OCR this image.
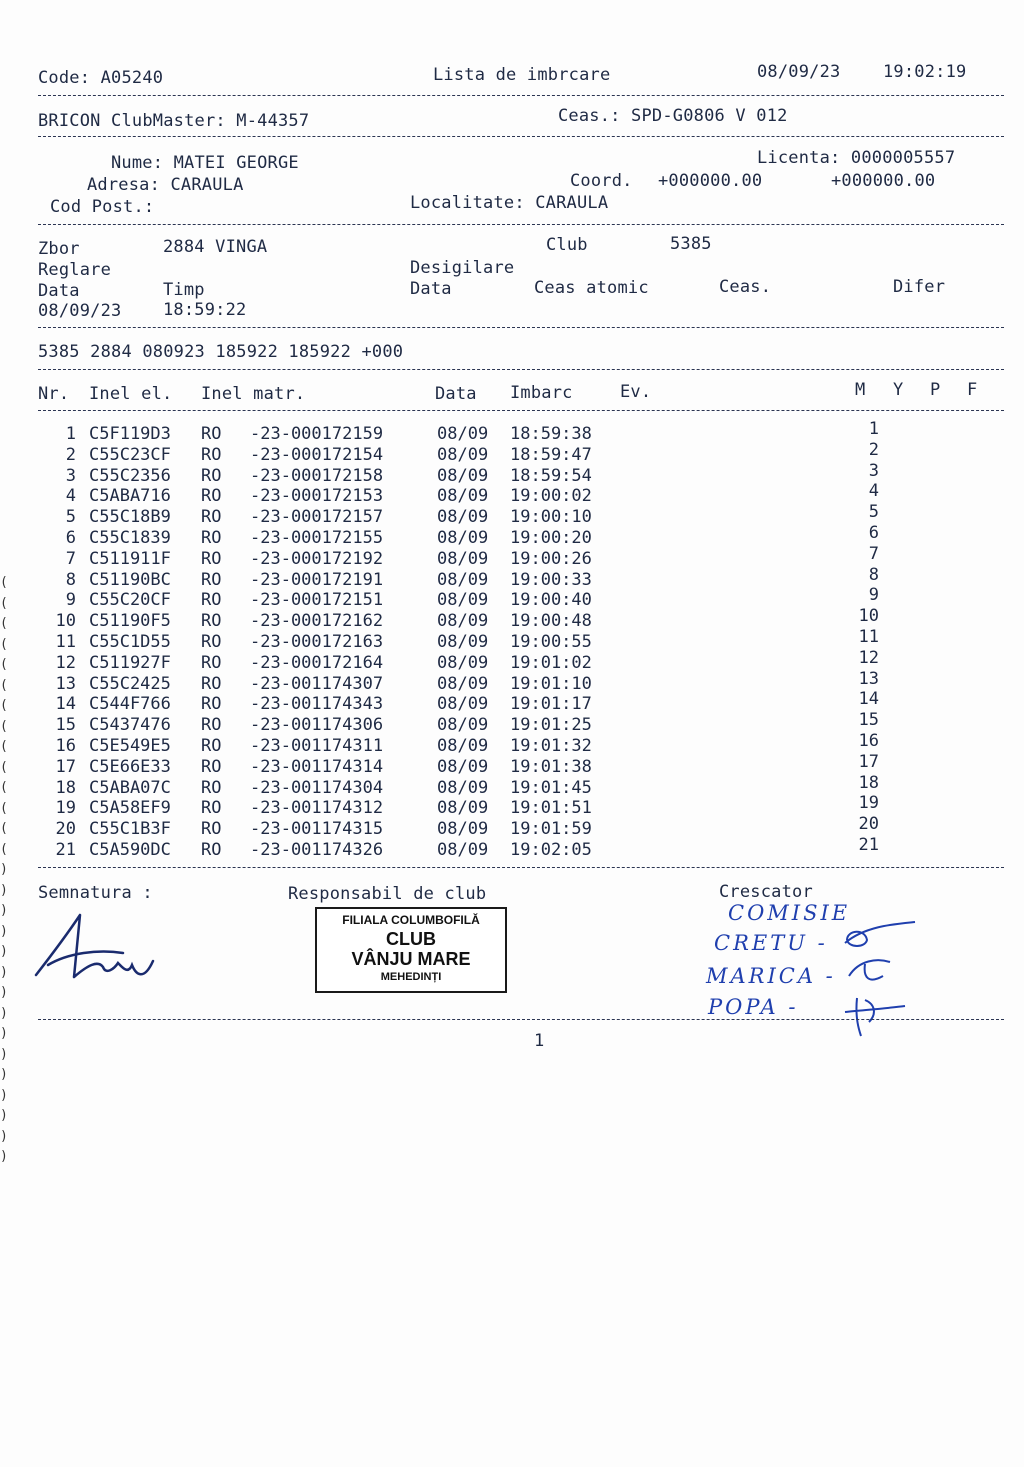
Code: A05240	Lista de imbrcare	08/09/23	19:02:19
BRICON ClubMaster: M-44357	Ceas.: SPD-G0806 V 012
Nume: MATEI GEORGE
Adresa: CARAULA
Cod Post.:
Licenta: 0000005557
Coord. +000000.00	+000000.00
Localitate: CARAULA
Zbor	2884 VINGA	Club	5385
Reglare	Desigilare
Data	Timp	Data	Ceas atomic	Ceas.	Difer
08/09/23 18:59:22
5385 2884 080923 185922 185922 +000
Nr. Inel el. Inel matr.	Data Imbarc	Ev.	M Y P F
1 C5F119D3 RO -23-000172159	08/09 18:59:38	1
2 C55C23CF RO -23-000172154	08/09 18:59:47	2
3 C55C2356 RO -23-000172158	08/09 18:59:54	3
4 C5ABA716 RO -23-000172153	08/09 19:00:02	4
5 C55C18B9 RO -23-000172157	08/09 19:00:10	5
6 C55C1839 RO -23-000172155	08/09 19:00:20	6
7 C511911F RO -23-000172192	08/09 19:00:26	7
8 C51190BC RO -23-000172191	08/09 19:00:33	8
9 C55C20CF RO -23-000172151	08/09 19:00:40	9
10 C51190F5 RO -23-000172162	08/09 19:00:48	10
11 C55C1D55 RO -23-000172163	08/09 19:00:55	11
12 C511927F RO -23-000172164	08/09 19:01:02	12
13 C55C2425 RO -23-001174307	08/09 19:01:10	13
14 C544F766 RO -23-001174343	08/09 19:01:17	14
15 C5437476 RO -23-001174306	08/09 19:01:25	15
16 C5E549E5 RO -23-001174311	08/09 19:01:32	16
17 C5E66E33 RO -23-001174314	08/09 19:01:38	17
18 C5ABA07C RO -23-001174304	08/09 19:01:45	18
19 C5A58EF9 RO -23-001174312	08/09 19:01:51	19
20 C55C1B3F RO -23-001174315	08/09 19:01:59	20
21 C5A590DC RO -23-001174326	08/09 19:02:05	21
Semnatura :	Responsabil de club	Crescator
FILIALA COLUMBOFILĂ
CLUB
VÂNJU MARE
MEHEDINȚI
COMISIE
CRETU -
MARICA -
POPA -
1
(
(
(
(
(
(
(
(
(
(
(
(
(
(
)
)
)
)
)
)
)
)
)
)
)
)
)
)
)
